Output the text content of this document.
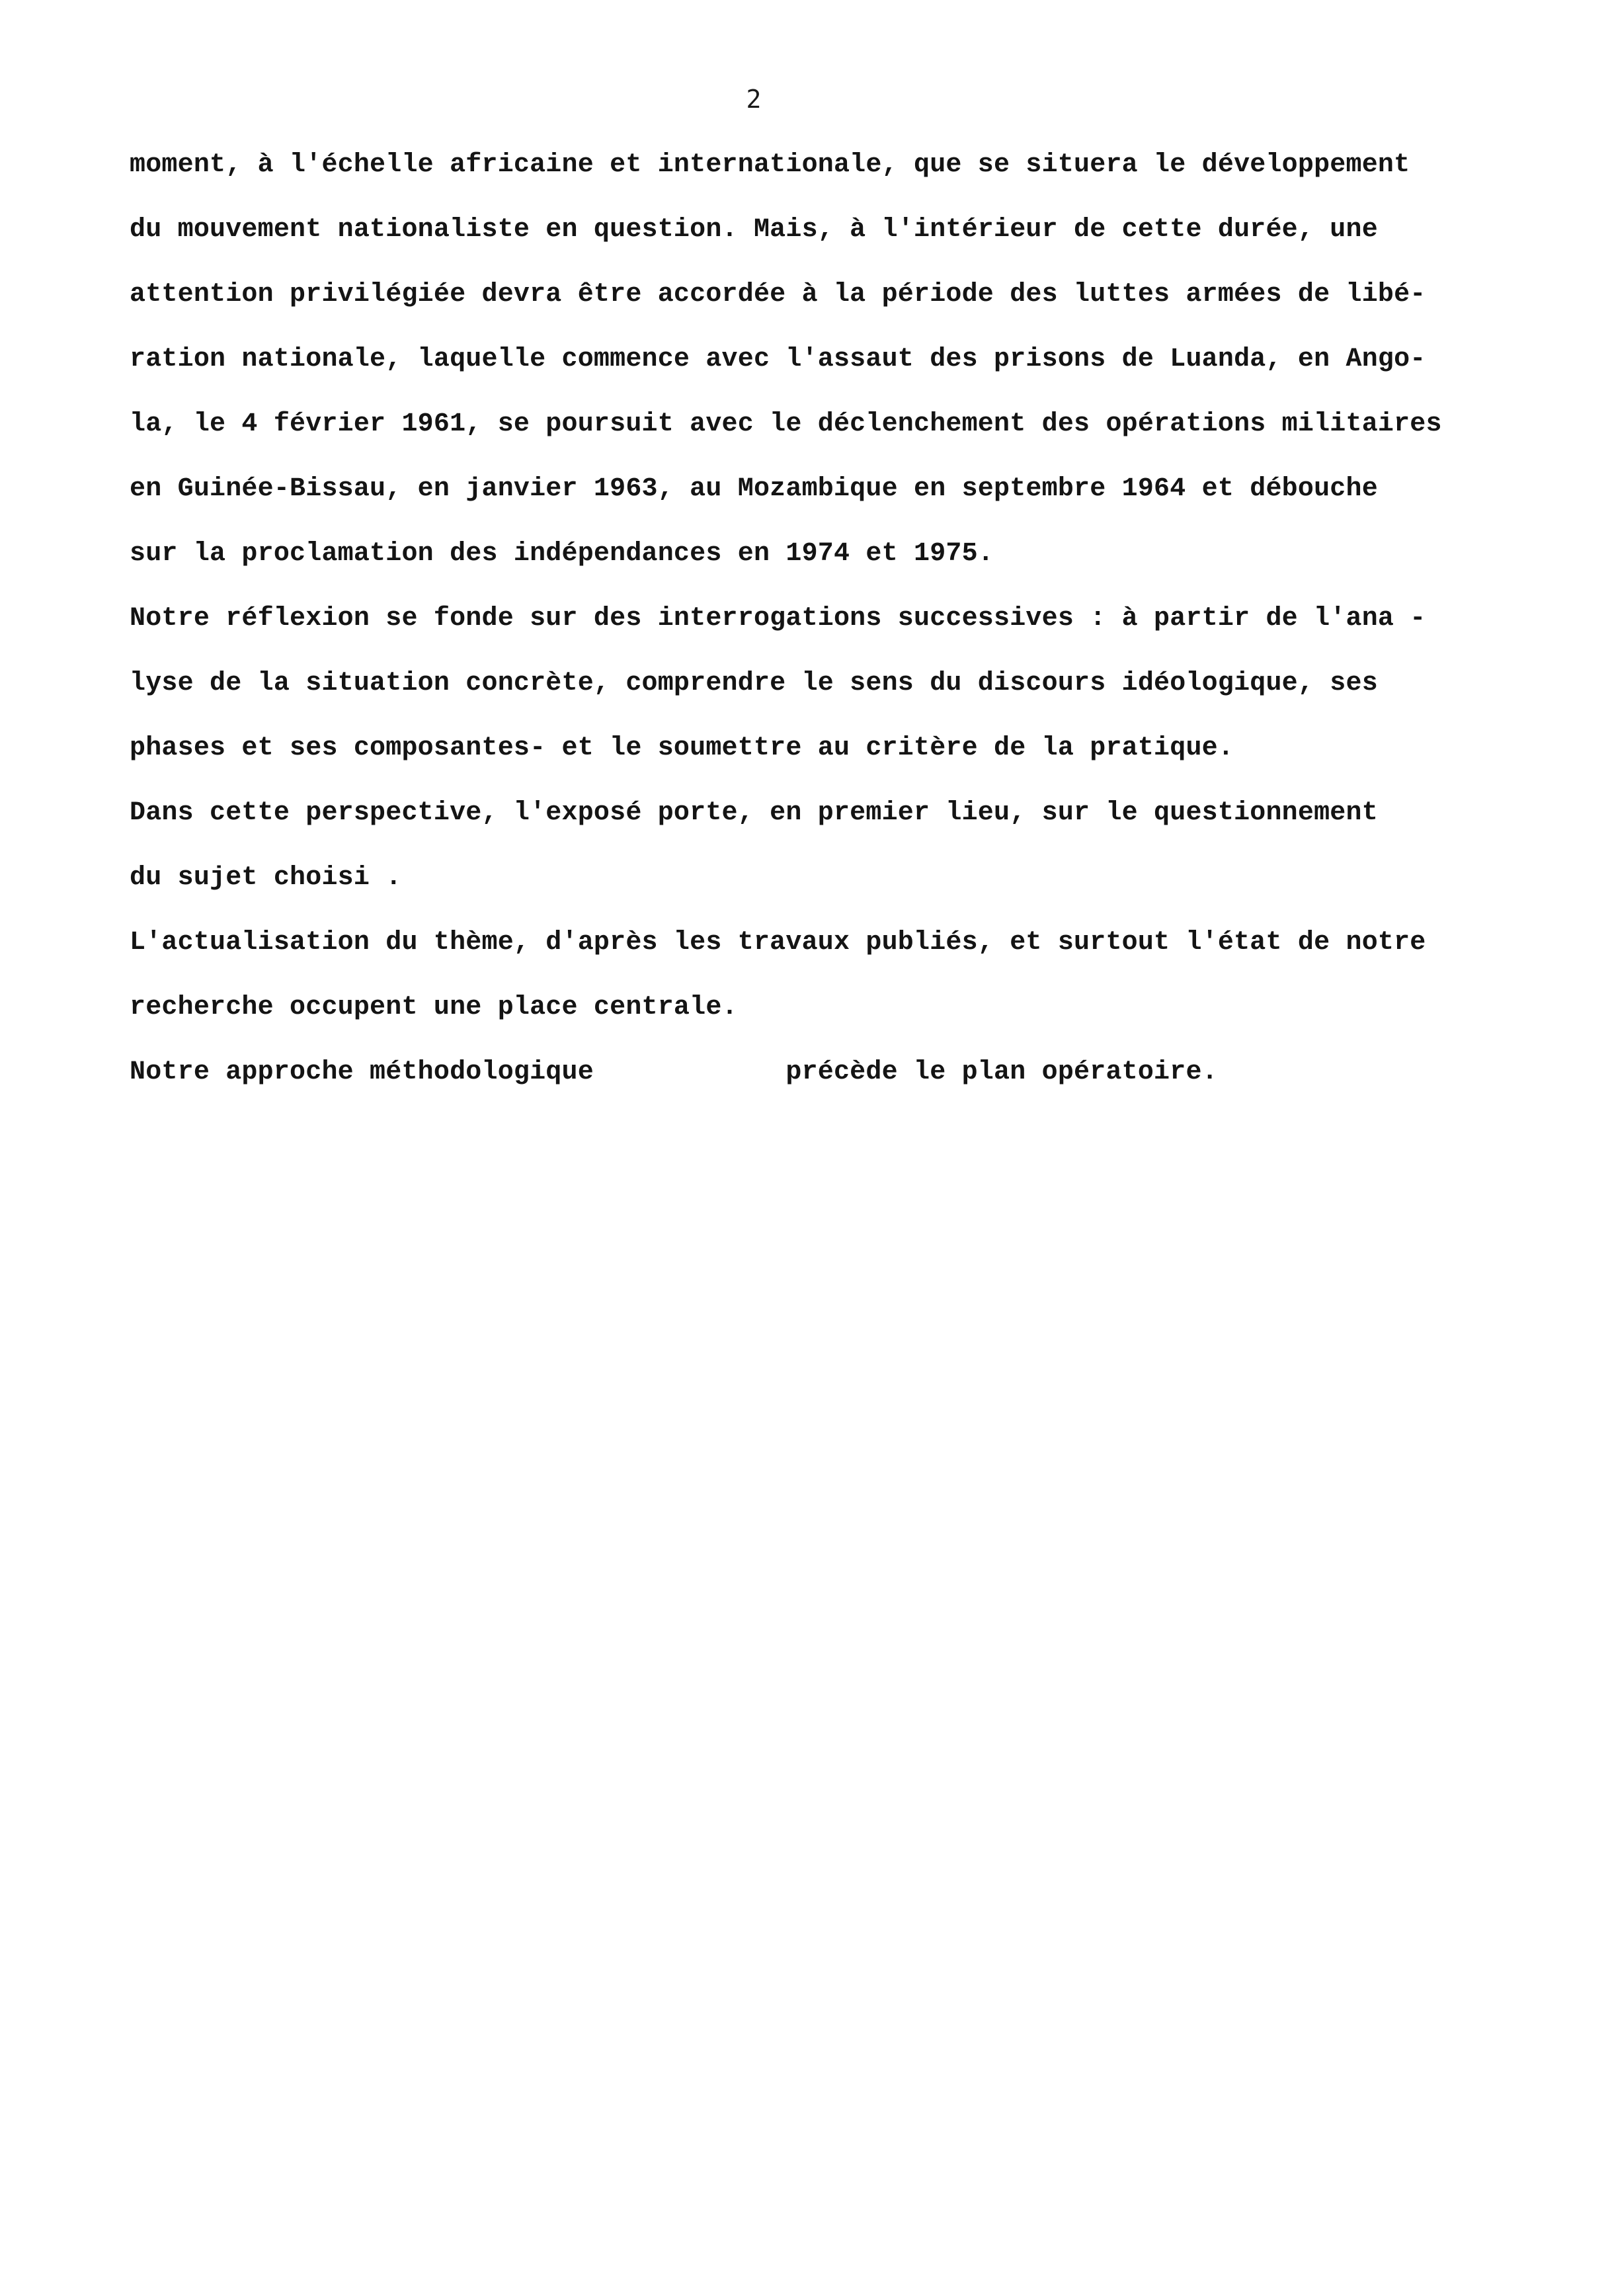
2
moment, à l'échelle africaine et internationale, que se situera le développement
du mouvement nationaliste en question. Mais, à l'intérieur de cette durée, une
attention privilégiée devra être accordée à la période des luttes armées de libé-
ration nationale, laquelle commence avec l'assaut des prisons de Luanda, en Ango-
la, le 4 février 1961, se poursuit avec le déclenchement des opérations militaires
en Guinée-Bissau, en janvier 1963, au Mozambique en septembre 1964 et débouche
sur la proclamation des indépendances en 1974 et 1975.
Notre réflexion se fonde sur des interrogations successives : à partir de l'ana -
lyse de la situation concrète, comprendre le sens du discours idéologique, ses
phases et ses composantes- et le soumettre au critère de la pratique.
Dans cette perspective, l'exposé porte, en premier lieu, sur le questionnement
du sujet choisi .
L'actualisation du thème, d'après les travaux publiés, et surtout l'état de notre
recherche occupent une place centrale.
Notre approche méthodologique            précède le plan opératoire.
